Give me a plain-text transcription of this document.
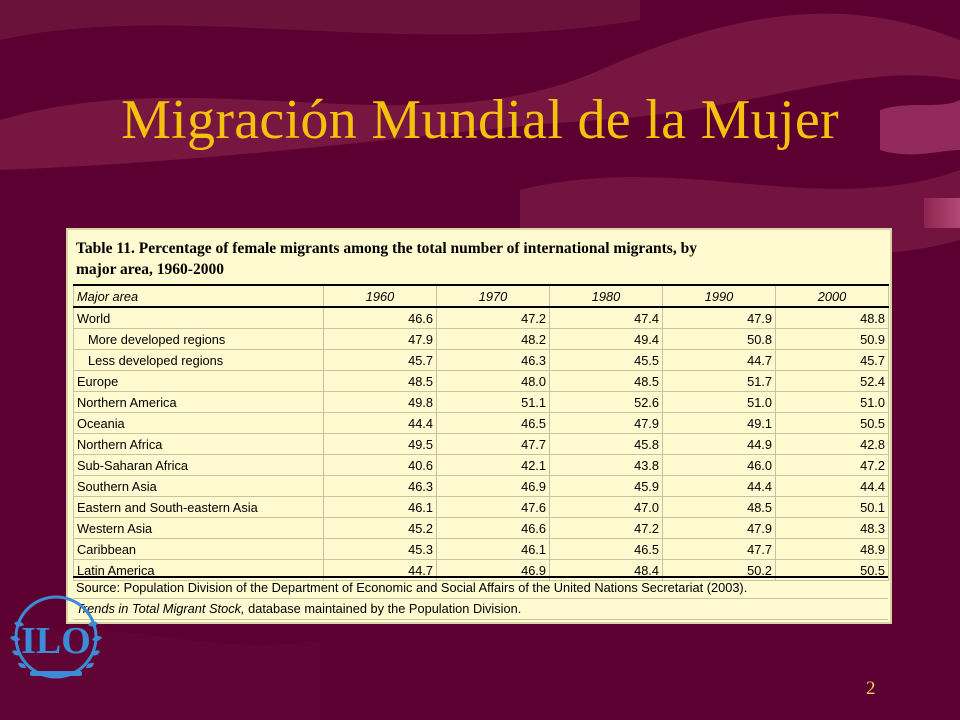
Migración Mundial de la Mujer
Table 11. Percentage of female migrants among the total number of international migrants, by
major area, 1960-2000
Major area	1960	1970	1980	1990	2000
World	46.6	47.2	47.4	47.9	48.8
More developed regions	47.9	48.2	49.4	50.8	50.9
Less developed regions	45.7	46.3	45.5	44.7	45.7
Europe	48.5	48.0	48.5	51.7	52.4
Northern America	49.8	51.1	52.6	51.0	51.0
Oceania	44.4	46.5	47.9	49.1	50.5
Northern Africa	49.5	47.7	45.8	44.9	42.8
Sub-Saharan Africa	40.6	42.1	43.8	46.0	47.2
Southern Asia	46.3	46.9	45.9	44.4	44.4
Eastern and South-eastern Asia	46.1	47.6	47.0	48.5	50.1
Western Asia	45.2	46.6	47.2	47.9	48.3
Caribbean	45.3	46.1	46.5	47.7	48.9
Latin America	44.7	46.9	48.4	50.2	50.5
Source: Population Division of the Department of Economic and Social Affairs of the United Nations Secretariat (2003).
Trends in Total Migrant Stock, database maintained by the Population Division.
ILO
2
